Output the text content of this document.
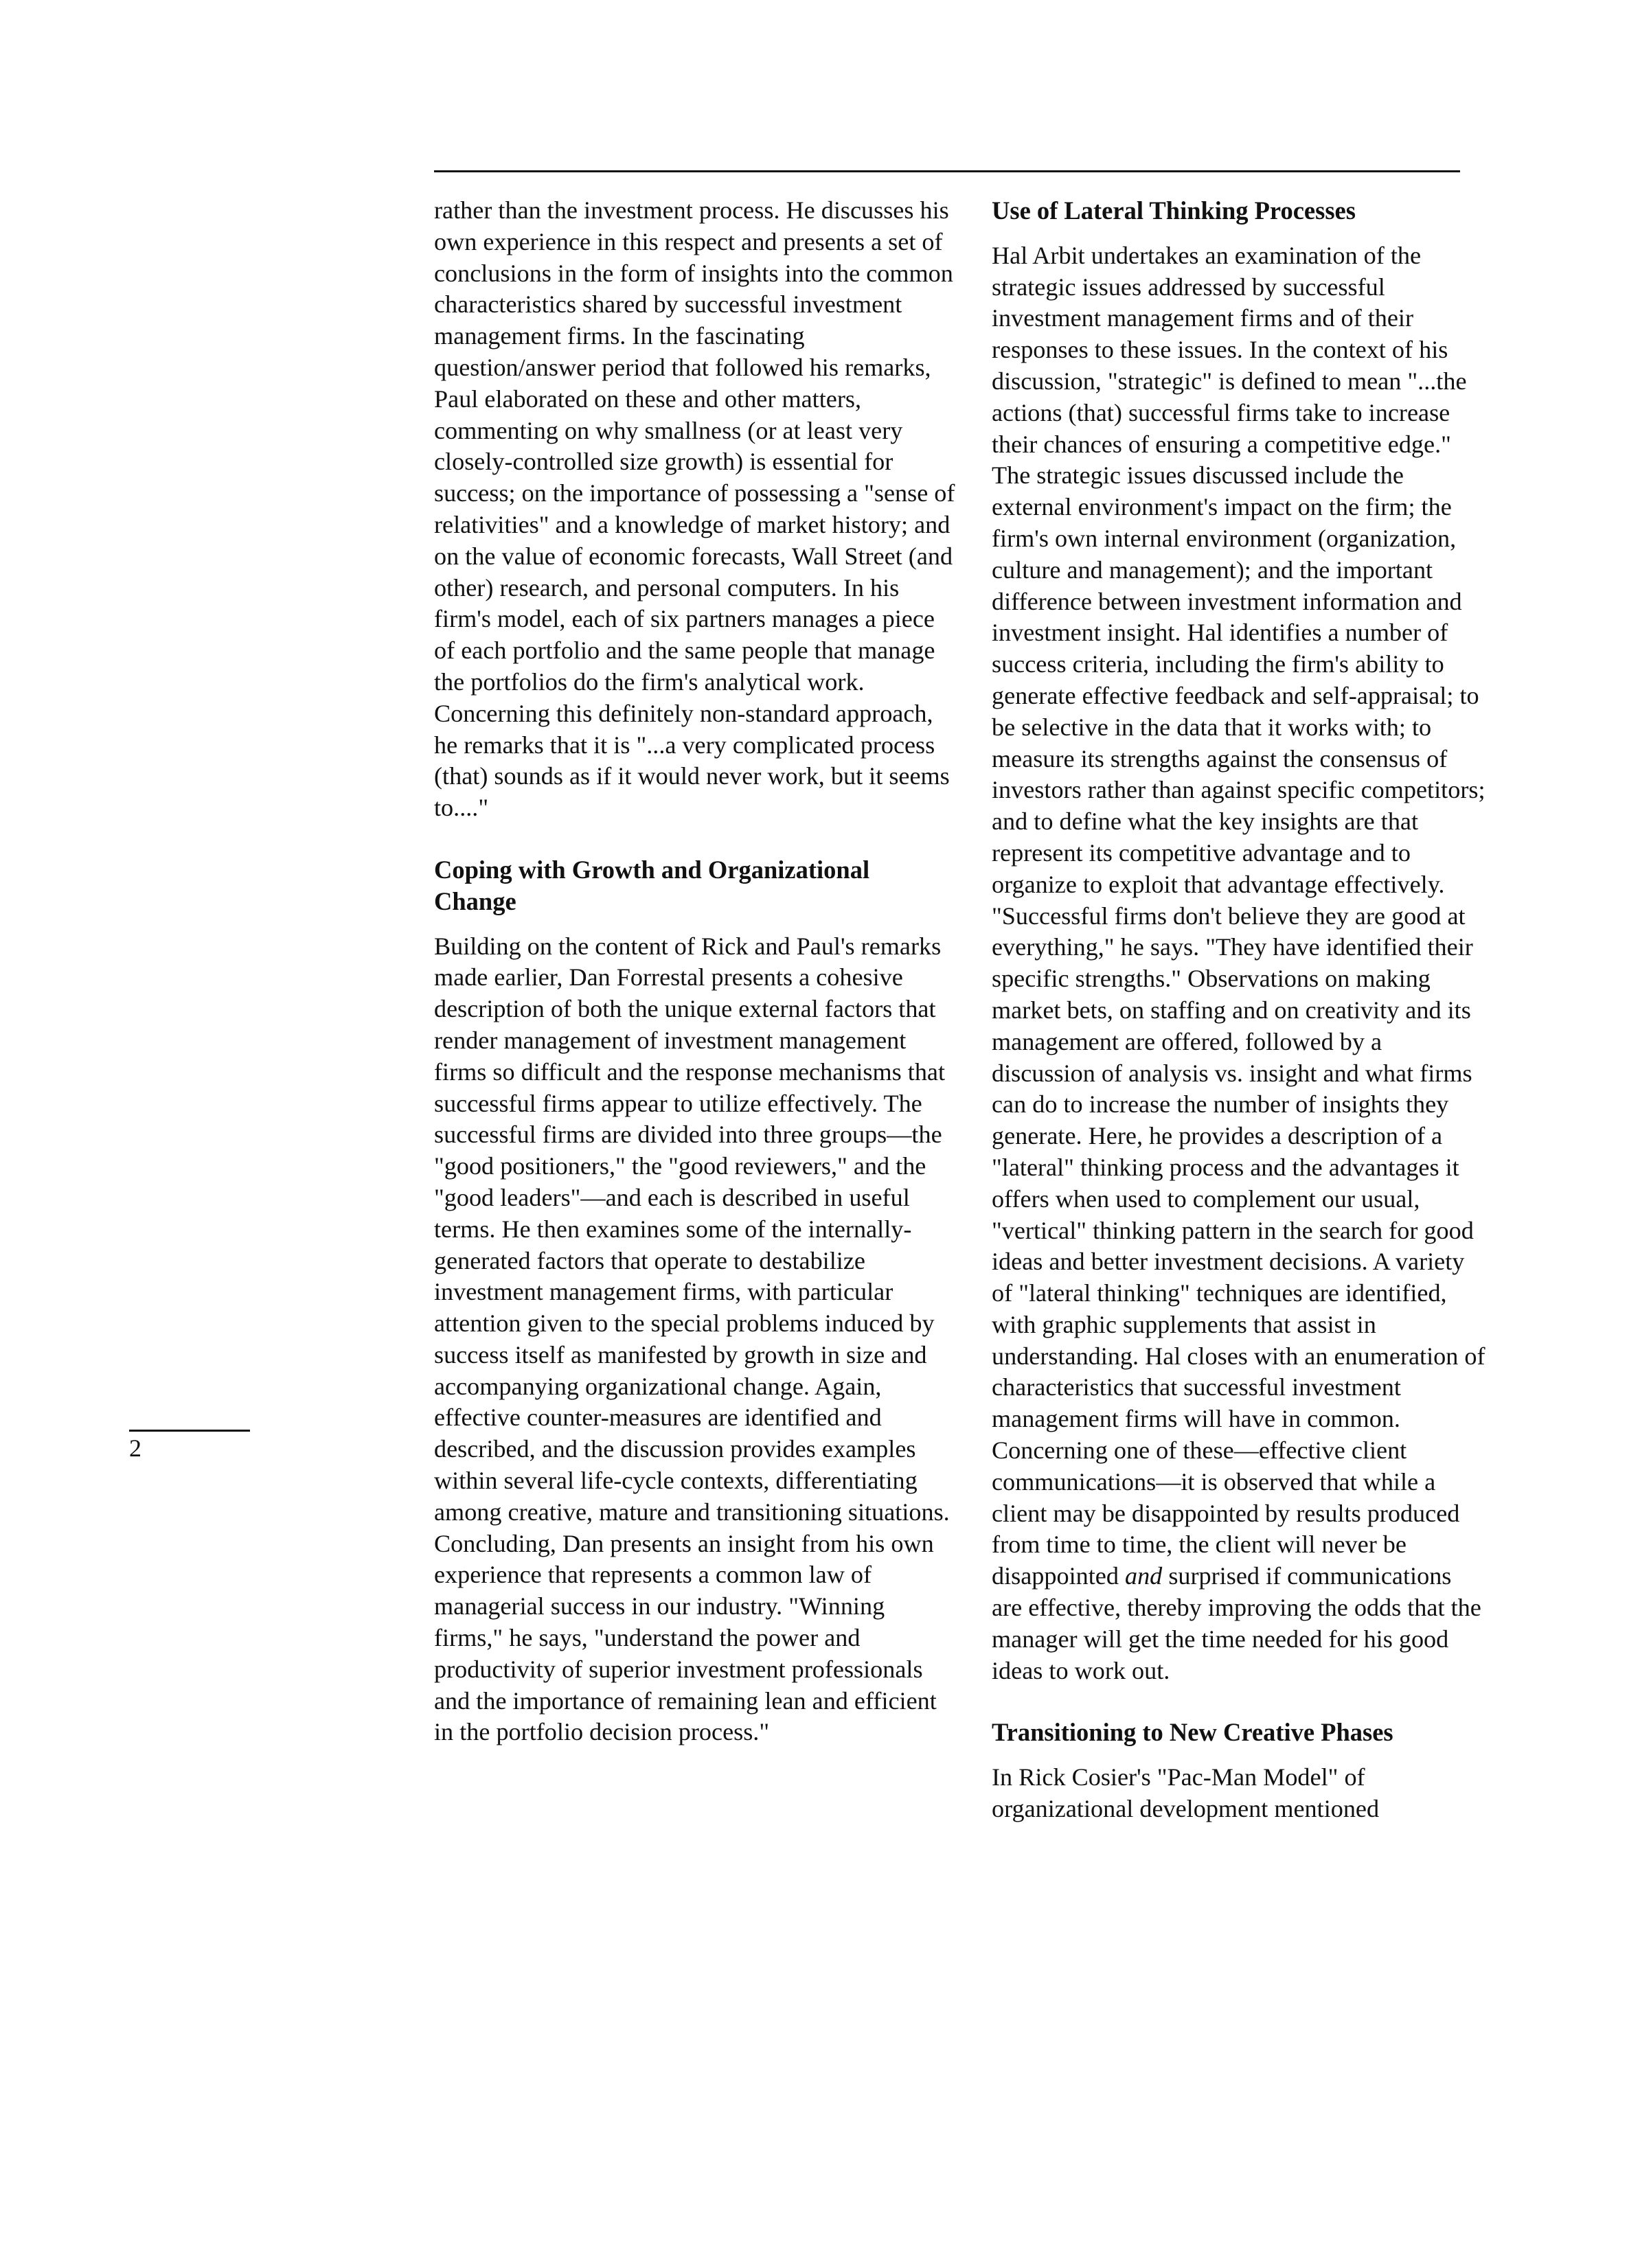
rather than the investment process. He discusses his own experience in this respect and presents a set of conclusions in the form of insights into the common characteristics shared by successful investment management firms. In the fascinating question/answer period that followed his remarks, Paul elaborated on these and other matters, commenting on why smallness (or at least very closely-controlled size growth) is essential for success; on the importance of possessing a "sense of relativities" and a knowledge of market history; and on the value of economic forecasts, Wall Street (and other) research, and personal computers. In his firm's model, each of six partners manages a piece of each portfolio and the same people that manage the portfolios do the firm's analytical work. Concerning this definitely non-standard approach, he remarks that it is "...a very complicated process (that) sounds as if it would never work, but it seems to...."

Coping with Growth and Organizational Change

Building on the content of Rick and Paul's remarks made earlier, Dan Forrestal presents a cohesive description of both the unique external factors that render management of investment management firms so difficult and the response mechanisms that successful firms appear to utilize effectively. The successful firms are divided into three groups—the "good positioners," the "good reviewers," and the "good leaders"—and each is described in useful terms. He then examines some of the internally-generated factors that operate to destabilize investment management firms, with particular attention given to the special problems induced by success itself as manifested by growth in size and accompanying organizational change. Again, effective counter-measures are identified and described, and the discussion provides examples within several life-cycle contexts, differentiating among creative, mature and transitioning situations. Concluding, Dan presents an insight from his own experience that represents a common law of managerial success in our industry. "Winning firms," he says, "understand the power and productivity of superior investment professionals and the importance of remaining lean and efficient in the portfolio decision process."

Use of Lateral Thinking Processes

Hal Arbit undertakes an examination of the strategic issues addressed by successful investment management firms and of their responses to these issues. In the context of his discussion, "strategic" is defined to mean "...the actions (that) successful firms take to increase their chances of ensuring a competitive edge." The strategic issues discussed include the external environment's impact on the firm; the firm's own internal environment (organization, culture and management); and the important difference between investment information and investment insight. Hal identifies a number of success criteria, including the firm's ability to generate effective feedback and self-appraisal; to be selective in the data that it works with; to measure its strengths against the consensus of investors rather than against specific competitors; and to define what the key insights are that represent its competitive advantage and to organize to exploit that advantage effectively. "Successful firms don't believe they are good at everything," he says. "They have identified their specific strengths." Observations on making market bets, on staffing and on creativity and its management are offered, followed by a discussion of analysis vs. insight and what firms can do to increase the number of insights they generate. Here, he provides a description of a "lateral" thinking process and the advantages it offers when used to complement our usual, "vertical" thinking pattern in the search for good ideas and better investment decisions. A variety of "lateral thinking" techniques are identified, with graphic supplements that assist in understanding. Hal closes with an enumeration of characteristics that successful investment management firms will have in common. Concerning one of these—effective client communications—it is observed that while a client may be disappointed by results produced from time to time, the client will never be disappointed and surprised if communications are effective, thereby improving the odds that the manager will get the time needed for his good ideas to work out.

Transitioning to New Creative Phases

In Rick Cosier's "Pac-Man Model" of organizational development mentioned

2
